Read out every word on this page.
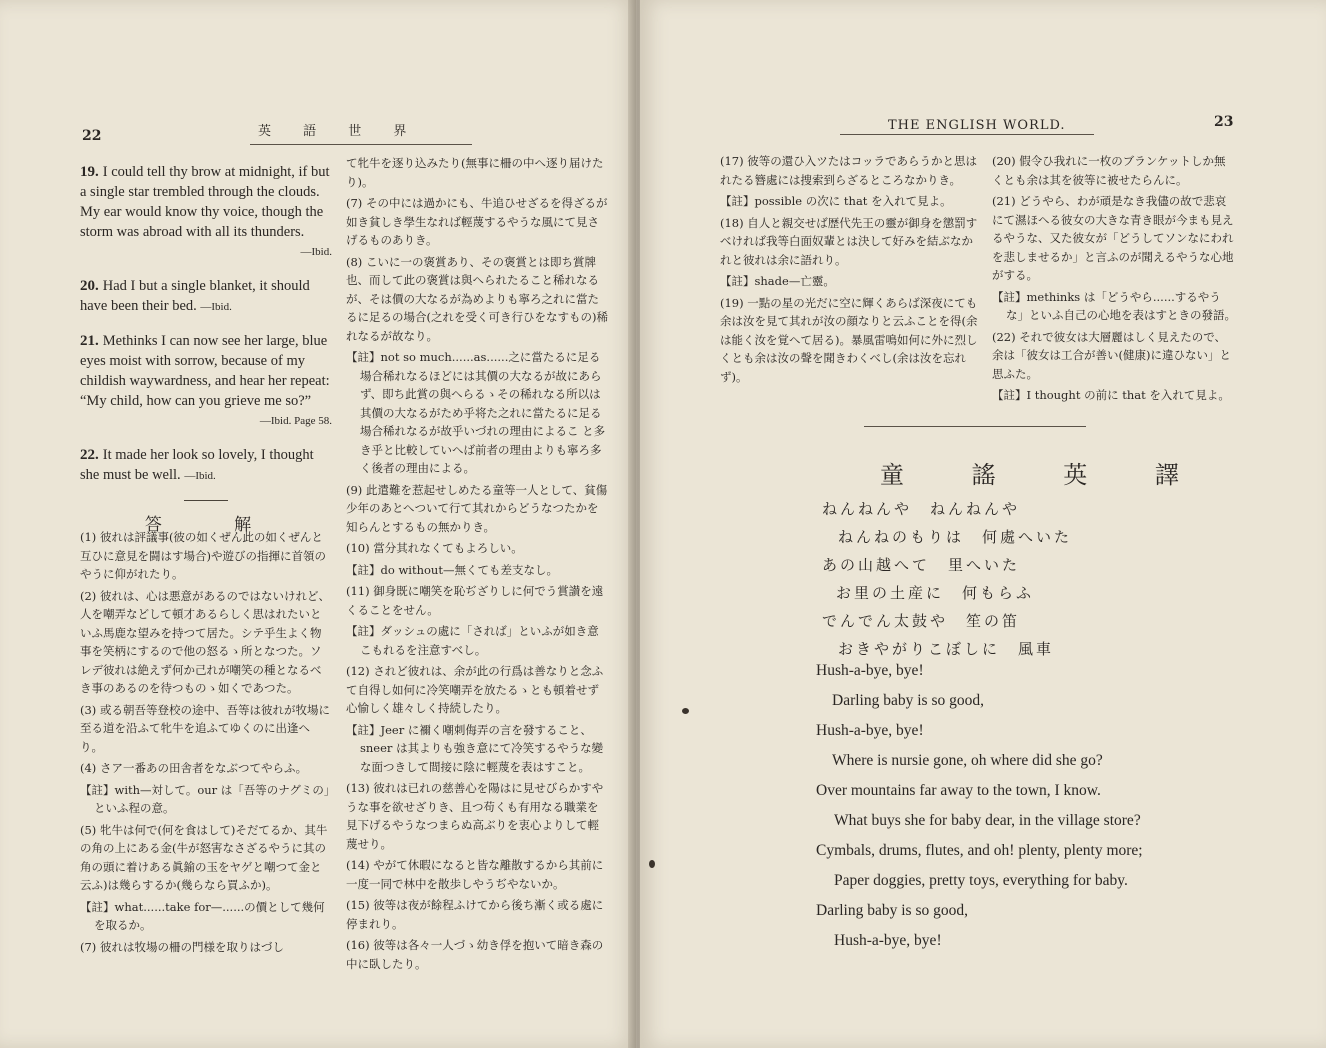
22	英 語 世 界

19. I could tell thy brow at midnight, if but a single star trembled through the clouds. My ear would know thy voice, though the storm was abroad with all its thunders.
—Ibid.

20. Had I but a single blanket, it should have been their bed. —Ibid.

21. Methinks I can now see her large, blue eyes moist with sorrow, because of my childish waywardness, and hear her repeat: “My child, how can you grieve me so?”
—Ibid. Page 58.

22. It made her look so lovely, I thought she must be well. —Ibid.

答 解

(1) 彼れは評議事(彼の如くぜん此の如くぜんと互ひに意見を闘はす場合)や遊びの指揮に首領のやうに仰がれたり。

(2) 彼れは、心は悪意があるのではないけれど、人を嘲弄などして頓才あるらしく思はれたいといふ馬鹿な望みを持つて居た。シテ乎生よく物事を笑柄にするので他の怒るゝ所となつた。ソレデ彼れは絶えず何か己れが嘲笑の種となるべき事のあるのを待つものゝ如くであつた。

(3) 或る朝吾等登校の途中、吾等は彼れが牧場に至る道を沿ふて牝牛を追ふてゆくのに出逢へり。

(4) さア一番あの田舎者をなぶつてやらふ。

【註】with—対して。our は「吾等のナグミの」といふ程の意。

(5) 牝牛は何で(何を食はして)そだてるか、其牛の角の上にある金(牛が怒害なさざるやうに其の角の頭に着けある眞鍮の玉をヤゲと嘲つて金と云ふ)は幾らするか(幾らなら買ふか)。

【註】what......take for—......の價として幾何を取るか。

(7) 彼れは牧場の柵の門様を取りはづし

て牝牛を逐り込みたり(無事に柵の中へ逐り届けたり)。

(7) その中には過かにも、牛追ひせざるを得ざるが如き貧しき學生なれば輕蔑するやうな風にて見さげるものありき。

(8) こいに一の褒賞あり、その褒賞とは即ち賞牌也、而して此の褒賞は與へられたること稀れなるが、そは價の大なるが為めよりも寧ろ之れに當たるに足るの場合(之れを受く可き行ひをなすもの)稀れなるが故なり。

【註】not so much......as......之に當たるに足る場合稀れなるほどには其價の大なるが故にあらず、即ち此賞の與へらるゝその稀れなる所以は其價の大なるがため乎将た之れに當たるに足る場合稀れなるが故乎いづれの理由によるこ と多き乎と比較していへば前者の理由よりも寧ろ多く後者の理由による。

(9) 此遣難を惹起せしめたる童等一人として、貧傷少年のあとへついて行て其れからどうなつたかを知らんとするもの無かりき。

(10) 當分其れなくてもよろしい。

【註】do without—無くても差支なし。

(11) 御身既に嘲笑を恥ぢざりしに何でう賞讃を遠くることをせん。

【註】ダッシュの處に「されば」といふが如き意こもれるを注意すべし。

(12) されど彼れは、余が此の行爲は善なりと念ふて自得し如何に冷笑嘲弄を放たるゝとも頓着せず心愉しく雄々しく持続したり。

【註】Jeer に禰く嘲刺侮弄の言を發すること、sneer は其よりも強き意にて冷笑するやうな變な面つきして間接に陰に輕蔑を表はすこと。

(13) 彼れは已れの慈善心を陽はに見せびらかすやうな事を欲せざりき、且つ苟くも有用なる職業を見下げるやうなつまらぬ高ぶりを衷心よりして輕蔑せり。

(14) やがて休暇になると皆な離散するから其前に一度一同で林中を散歩しやうぢやないか。

(15) 彼等は夜が餘程ふけてから後ち漸く或る處に停まれり。

(16) 彼等は各々一人づゝ幼き俘を抱いて暗き森の中に臥したり。

THE ENGLISH WORLD.	23

(17) 彼等の還ひ入ツたはコッラであらうかと思はれたる簪處には捜索到らざるところなかりき。

【註】possible の次に that を入れて見よ。

(18) 自人と親交せば歴代先王の靈が御身を懲罰すべければ我等白面奴輩とは決して好みを結ぶなかれと彼れは余に語れり。

【註】shade—亡靈。

(19) 一點の星の光だに空に輝くあらば深夜にても余は汝を見て其れが汝の顔なりと云ふことを得(余は能く汝を覚へて居る)。暴風雷鳴如何に外に烈しくとも余は汝の聲を聞きわくべし(余は汝を忘れず)。

(20) 假令ひ我れに一枚のブランケットしか無くとも余は其を彼等に被せたらんに。

(21) どうやら、わが頑是なき我儘の故で悲哀にて濕ほへる彼女の大きな青き眼が今まも見えるやうな、又た彼女が「どうしてソンなにわれを悲しませるか」と言ふのが聞えるやうな心地がする。

【註】methinks は「どうやら......するやうな」といふ自己の心地を表はすときの發語。

(22) それで彼女は大層麗はしく見えたので、余は「彼女は工合が善い(健康)に違ひない」と思ふた。

【註】I thought の前に that を入れて見よ。

童 謠 英 譯
ねんねんや　ねんねんや
ねんねのもりは　何處へいた
あの山越へて　里へいた
お里の土産に　何もらふ
でんでん太鼓や　笙の笛
おきやがりこぼしに　風車
Hush-a-bye, bye!
Darling baby is so good,
Hush-a-bye, bye!
Where is nursie gone, oh where did she go?
Over mountains far away to the town, I know.
What buys she for baby dear, in the village store?
Cymbals, drums, flutes, and oh! plenty, plenty more;
Paper doggies, pretty toys, everything for baby.
Darling baby is so good,
Hush-a-bye, bye!
